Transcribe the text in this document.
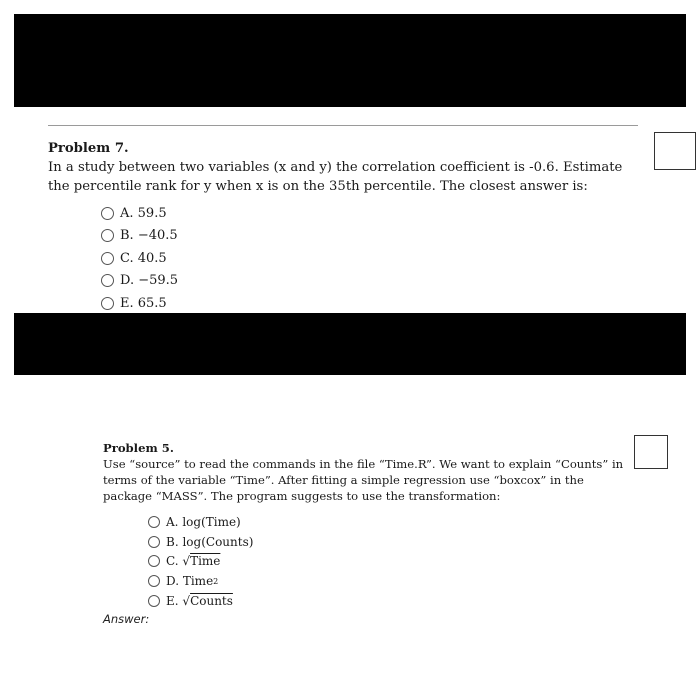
Problem 7.
In a study between two variables (x and y) the correlation coefficient is -0.6. Estimate the percentile rank for y when x is on the 35th percentile. The closest answer is:
A. 59.5
B. −40.5
C. 40.5
D. −59.5
E. 65.5
Problem 5.
Use “source” to read the commands in the file “Time.R”. We want to explain “Counts” in terms of the variable “Time”. After fitting a simple regression use “boxcox” in the package “MASS”. The program suggests to use the transformation:
A.
log(Time)
B.
log(Counts)
C.
√ Time
D.
Time 2
E.
√ Counts
Answer:
